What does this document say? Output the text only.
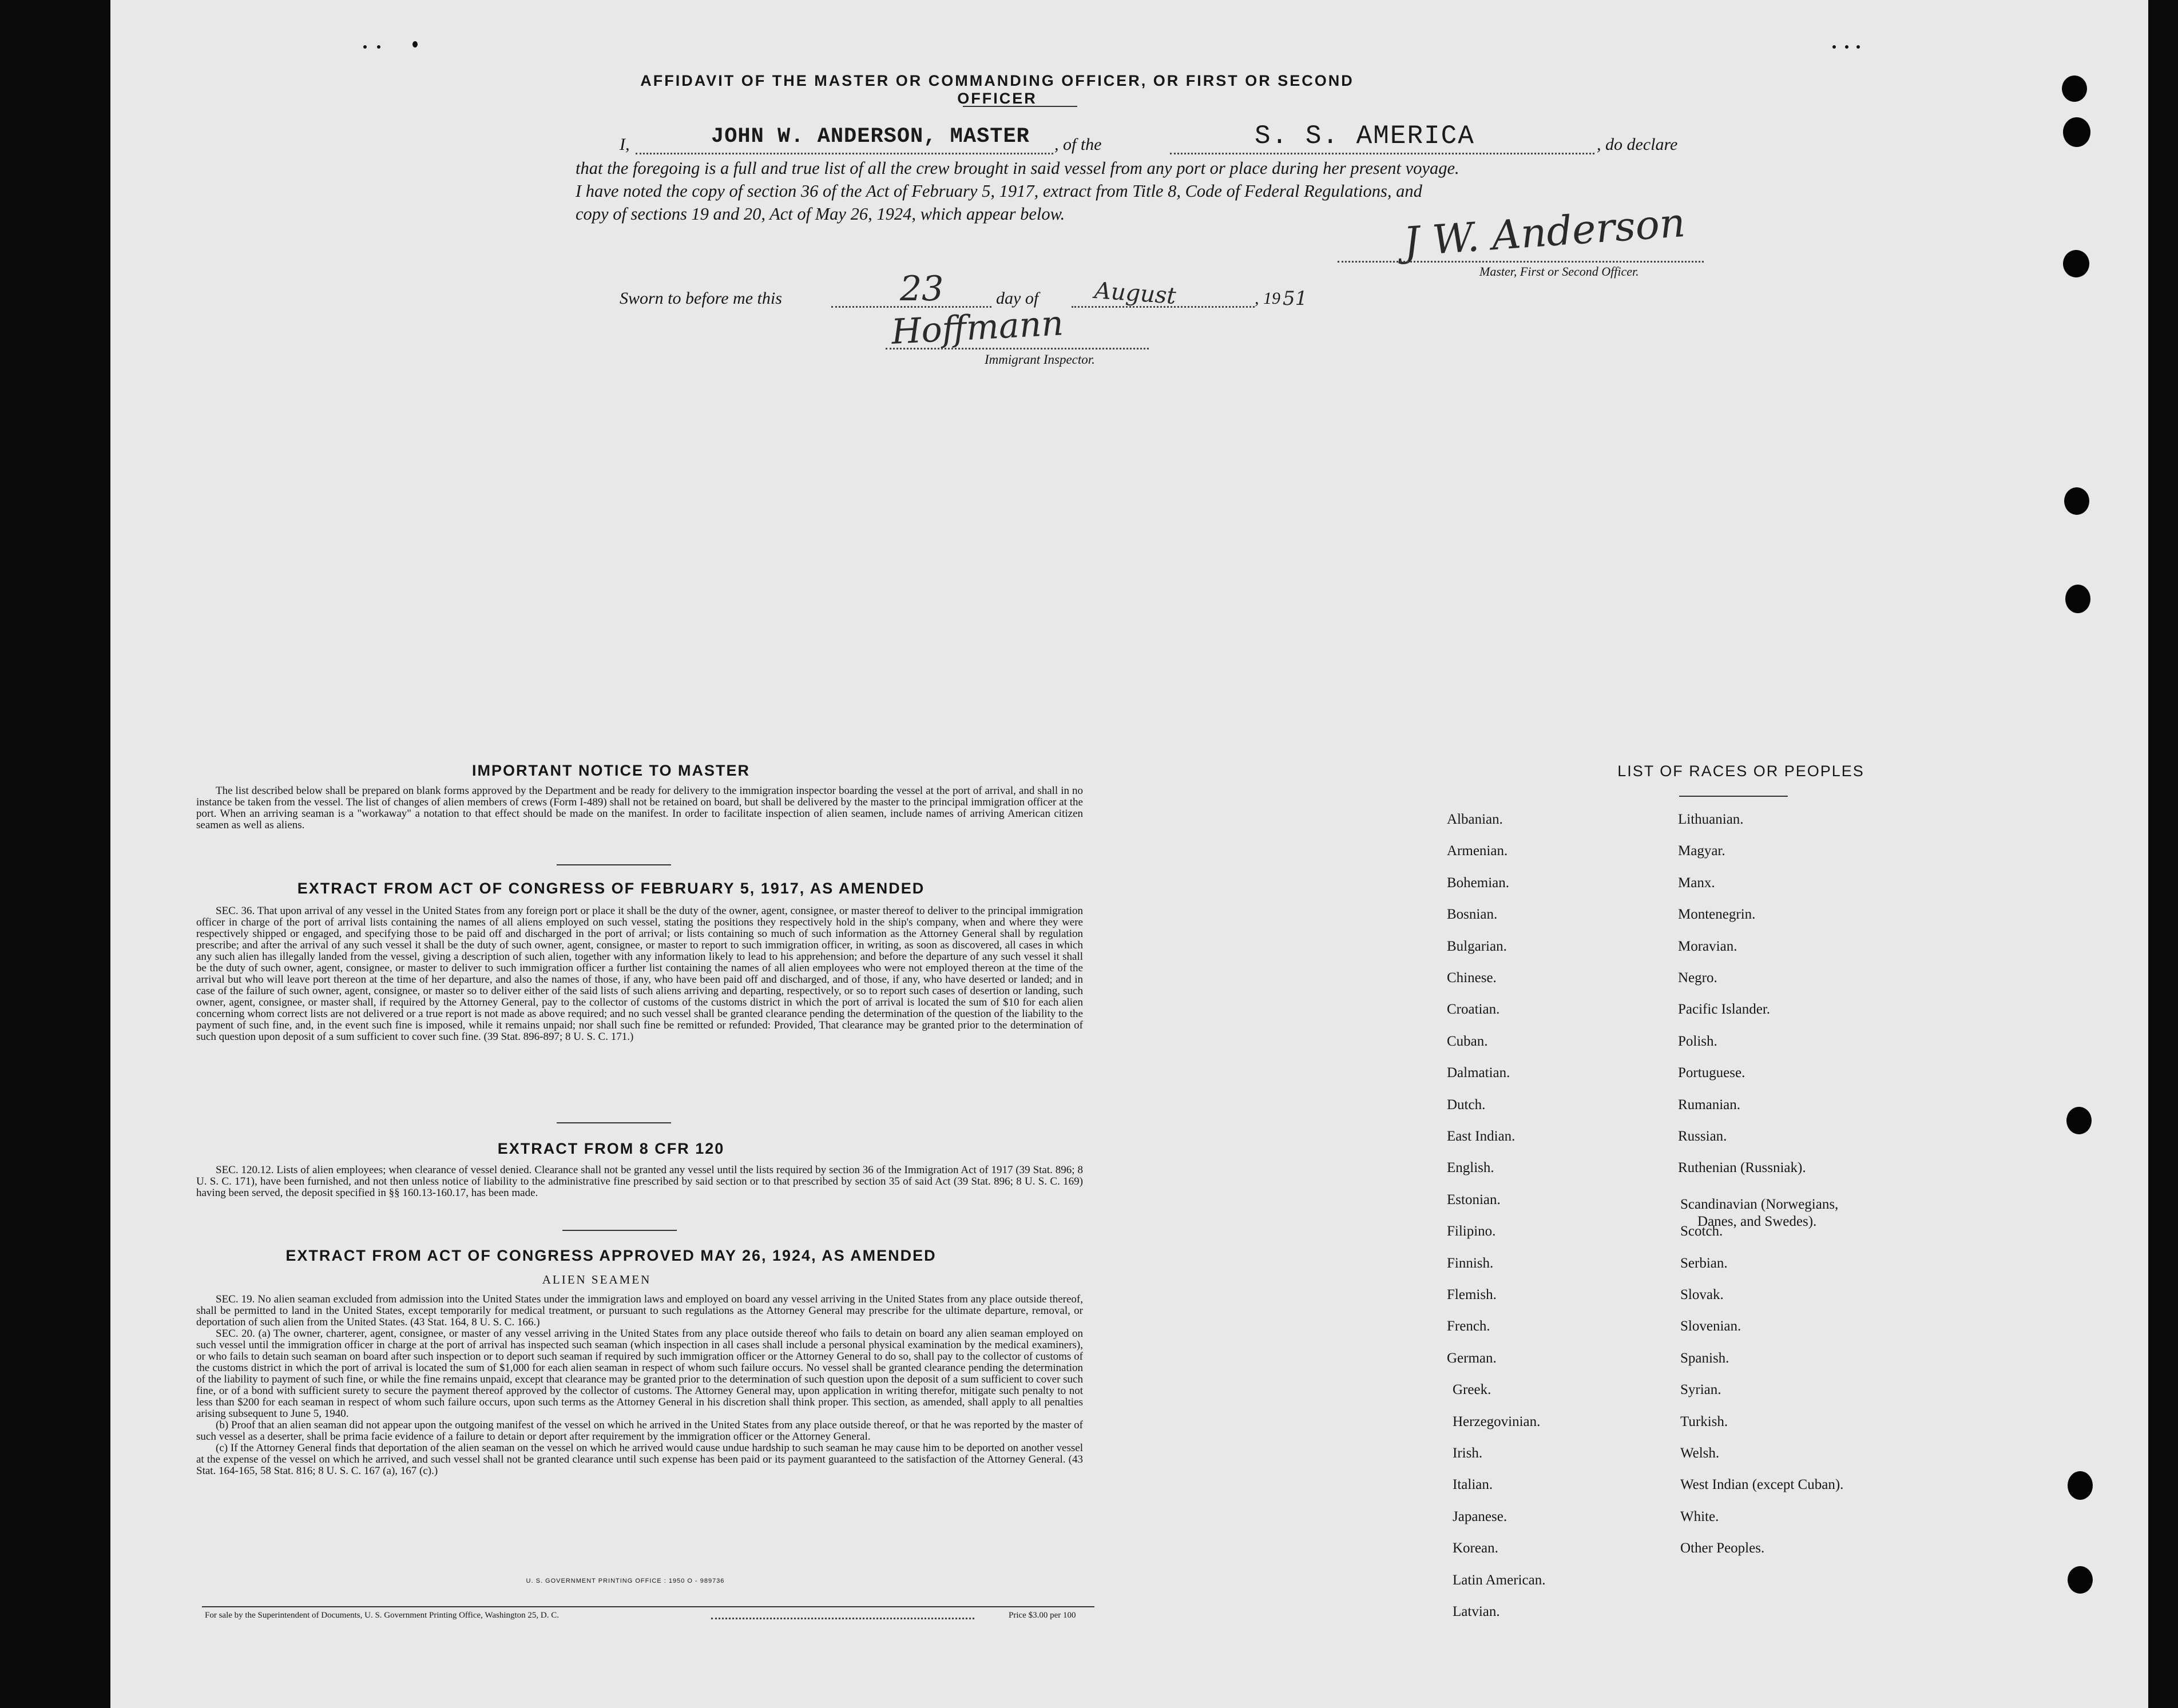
AFFIDAVIT OF THE MASTER OR COMMANDING OFFICER, OR FIRST OR SECOND OFFICER
I,	JOHN W. ANDERSON, MASTER , of the	S. S. AMERICA	, do declare
that the foregoing is a full and true list of all the crew brought in said vessel from any port or place during her present voyage.
I have noted the copy of section 36 of the Act of February 5, 1917, extract from Title 8, Code of Federal Regulations, and
copy of sections 19 and 20, Act of May 26, 1924, which appear below.	J W. Anderson
Master, First or Second Officer.
Sworn to before me this	23	day of August	, 19 51
Hoffmann
Immigrant Inspector.
IMPORTANT NOTICE TO MASTER

The list described below shall be prepared on blank forms approved by the Department and be ready for delivery to the immigration inspector boarding the vessel at the port of arrival, and shall in no instance be taken from the vessel. The list of changes of alien members of crews (Form I-489) shall not be retained on board, but shall be delivered by the master to the principal immigration officer at the port. When an arriving seaman is a "workaway" a notation to that effect should be made on the manifest. In order to facilitate inspection of alien seamen, include names of arriving American citizen seamen as well as aliens.

EXTRACT FROM ACT OF CONGRESS OF FEBRUARY 5, 1917, AS AMENDED

SEC. 36. That upon arrival of any vessel in the United States from any foreign port or place it shall be the duty of the owner, agent, consignee, or master thereof to deliver to the principal immigration officer in charge of the port of arrival lists containing the names of all aliens employed on such vessel, stating the positions they respectively hold in the ship's company, when and where they were respectively shipped or engaged, and specifying those to be paid off and discharged in the port of arrival; or lists containing so much of such information as the Attorney General shall by regulation prescribe; and after the arrival of any such vessel it shall be the duty of such owner, agent, consignee, or master to report to such immigration officer, in writing, as soon as discovered, all cases in which any such alien has illegally landed from the vessel, giving a description of such alien, together with any information likely to lead to his apprehension; and before the departure of any such vessel it shall be the duty of such owner, agent, consignee, or master to deliver to such immigration officer a further list containing the names of all alien employees who were not employed thereon at the time of the arrival but who will leave port thereon at the time of her departure, and also the names of those, if any, who have been paid off and discharged, and of those, if any, who have deserted or landed; and in case of the failure of such owner, agent, consignee, or master so to deliver either of the said lists of such aliens arriving and departing, respectively, or so to report such cases of desertion or landing, such owner, agent, consignee, or master shall, if required by the Attorney General, pay to the collector of customs of the customs district in which the port of arrival is located the sum of $10 for each alien concerning whom correct lists are not delivered or a true report is not made as above required; and no such vessel shall be granted clearance pending the determination of the question of the liability to the payment of such fine, and, in the event such fine is imposed, while it remains unpaid; nor shall such fine be remitted or refunded: Provided, That clearance may be granted prior to the determination of such question upon deposit of a sum sufficient to cover such fine. (39 Stat. 896-897; 8 U. S. C. 171.)

EXTRACT FROM 8 CFR 120

SEC. 120.12. Lists of alien employees; when clearance of vessel denied. Clearance shall not be granted any vessel until the lists required by section 36 of the Immigration Act of 1917 (39 Stat. 896; 8 U. S. C. 171), have been furnished, and not then unless notice of liability to the administrative fine prescribed by said section or to that prescribed by section 35 of said Act (39 Stat. 896; 8 U. S. C. 169) having been served, the deposit specified in §§ 160.13-160.17, has been made.

EXTRACT FROM ACT OF CONGRESS APPROVED MAY 26, 1924, AS AMENDED
ALIEN SEAMEN

SEC. 19. No alien seaman excluded from admission into the United States under the immigration laws and employed on board any vessel arriving in the United States from any place outside thereof, shall be permitted to land in the United States, except temporarily for medical treatment, or pursuant to such regulations as the Attorney General may prescribe for the ultimate departure, removal, or deportation of such alien from the United States. (43 Stat. 164, 8 U. S. C. 166.)

SEC. 20. (a) The owner, charterer, agent, consignee, or master of any vessel arriving in the United States from any place outside thereof who fails to detain on board any alien seaman employed on such vessel until the immigration officer in charge at the port of arrival has inspected such seaman (which inspection in all cases shall include a personal physical examination by the medical examiners), or who fails to detain such seaman on board after such inspection or to deport such seaman if required by such immigration officer or the Attorney General to do so, shall pay to the collector of customs of the customs district in which the port of arrival is located the sum of $1,000 for each alien seaman in respect of whom such failure occurs. No vessel shall be granted clearance pending the determination of the liability to payment of such fine, or while the fine remains unpaid, except that clearance may be granted prior to the determination of such question upon the deposit of a sum sufficient to cover such fine, or of a bond with sufficient surety to secure the payment thereof approved by the collector of customs. The Attorney General may, upon application in writing therefor, mitigate such penalty to not less than $200 for each seaman in respect of whom such failure occurs, upon such terms as the Attorney General in his discretion shall think proper. This section, as amended, shall apply to all penalties arising subsequent to June 5, 1940.

(b) Proof that an alien seaman did not appear upon the outgoing manifest of the vessel on which he arrived in the United States from any place outside thereof, or that he was reported by the master of such vessel as a deserter, shall be prima facie evidence of a failure to detain or deport after requirement by the immigration officer or the Attorney General.

(c) If the Attorney General finds that deportation of the alien seaman on the vessel on which he arrived would cause undue hardship to such seaman he may cause him to be deported on another vessel at the expense of the vessel on which he arrived, and such vessel shall not be granted clearance until such expense has been paid or its payment guaranteed to the satisfaction of the Attorney General. (43 Stat. 164-165, 58 Stat. 816; 8 U. S. C. 167 (a), 167 (c).)

U. S. GOVERNMENT PRINTING OFFICE : 1950 O - 989736
For sale by the Superintendent of Documents, U. S. Government Printing Office, Washington 25, D. C.	Price $3.00 per 100
LIST OF RACES OR PEOPLES
Albanian.
Armenian.
Bohemian.
Bosnian.
Bulgarian.
Chinese.
Croatian.
Cuban.
Dalmatian.
Dutch.
East Indian.
English.
Estonian.
Filipino.
Finnish.
Flemish.
French.
German.
Greek.
Herzegovinian.
Irish.
Italian.
Japanese.
Korean.
Latin American.
Latvian.
Lithuanian.
Magyar.
Manx.
Montenegrin.
Moravian.
Negro.
Pacific Islander.
Polish.
Portuguese.
Rumanian.
Russian.
Ruthenian (Russniak).
Scandinavian (Norwegians,
Danes, and Swedes).
Scotch.
Serbian.
Slovak.
Slovenian.
Spanish.
Syrian.
Turkish.
Welsh.
West Indian (except Cuban).
White.
Other Peoples.
